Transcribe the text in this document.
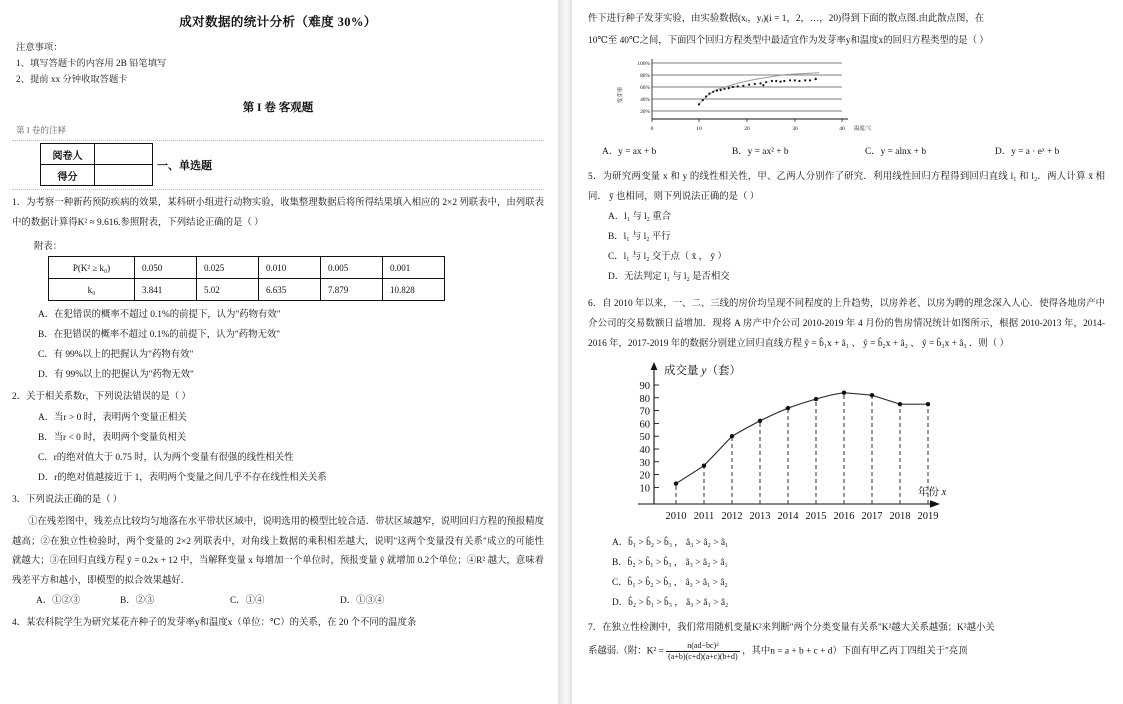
成对数据的统计分析（难度 30%）
注意事项：
1、填写答题卡的内容用 2B 铅笔填写
2、提前 xx 分钟收取答题卡
第 I 卷 客观题
第 I 卷的注释
阅卷人	
得分	
一、单选题
1．为考察一种新药预防疾病的效果，某科研小组进行动物实验，收集整理数据后将所得结果填入相应的 2×2 列联表中，由列联表中的数据计算得K² ≈ 9.616.参照附表，下列结论正确的是（ ）
附表：
P(K² ≥ k₀)	0.050	0.025	0.010	0.005	0.001
k₀	3.841	5.02	6.635	7.879	10.828
A．在犯错误的概率不超过 0.1%的前提下，认为"药物有效"
B．在犯错误的概率不超过 0.1%的前提下，认为"药物无效"
C．有 99%以上的把握认为"药物有效"
D．有 99%以上的把握认为"药物无效"
2．关于相关系数r，下列说法错误的是（ ）
A．当r > 0 时，表明两个变量正相关
B．当r < 0 时，表明两个变量负相关
C．r的绝对值大于 0.75 时，认为两个变量有很强的线性相关性
D．r的绝对值越接近于 1，表明两个变量之间几乎不存在线性相关关系
3．下列说法正确的是（ ）
①在残差图中，残差点比较均匀地落在水平带状区域中，说明选用的模型比较合适．带状区域越窄，说明回归方程的预报精度越高；②在独立性检验时，两个变量的 2×2 列联表中，对角线上数据的乘积相差越大，说明"这两个变量没有关系"成立的可能性就越大；③在回归直线方程 ŷ = 0.2x + 12 中，当解释变量 x 每增加一个单位时，预报变量 ŷ 就增加 0.2个单位；④R² 越大，意味着残差平方和越小，即模型的拟合效果越好．
A．①②③	B．②③	C．①④	D．①③④
4．某农科院学生为研究某花卉种子的发芽率y和温度x（单位：℃）的关系，在 20 个不同的温度条
件下进行种子发芽实验，由实验数据(xᵢ，yᵢ)(i = 1，2，…，20)得到下面的散点图.由此散点图，在
10℃至 40℃之间，下面四个回归方程类型中最适宜作为发芽率y和温度x的回归方程类型的是（ ）
100%
80%
60%
40%
20%
发芽率
0	10	20	30	40 温度/℃
A．y = ax + b	B．y = ax² + b	C．y = alnx + b	D．y = a · eˣ + b
5．为研究两变量 x 和 y 的线性相关性，甲、乙两人分别作了研究．利用线性回归方程得到回归直线 l₁ 和 l₂．两人计算 x̄ 相同． ȳ 也相同，则下列说法正确的是（ ）
A．l₁ 与 l₂ 重合
B．l₁ 与 l₂ 平行
C．l₁ 与 l₂ 交于点（ x̄ ， ȳ ）
D．无法判定 l₁ 与 l₂ 是否相交
6．自 2010 年以来，一、二、三线的房价均呈现不同程度的上升趋势，以房养老、以房为聘的理念深入人心．使得各地房产中介公司的交易数额日益增加．现将 A 房产中介公司 2010-2019 年 4 月份的售房情况统计如图所示，根据 2010-2013 年，2014-2016 年，2017-2019 年的数据分别建立回归直线方程 ŷ = b̂₁x + â₁ 、 ŷ = b̂₂x + â₂ 、 ŷ = b̂₃x + â₃ ．则（ ）
成交量 y（套）
90
80
70
60
50
40
30
20
10
2010 2011 2012 2013 2014 2015 2016 2017 2018 2019
年份 x
A．b̂₁ > b̂₂ > b̂₃ ， â₃ > â₂ > â₁
B．b̂₂ > b̂₁ > b̂₃ ， â₃ > â₂ > â₁
C．b̂₁ > b̂₂ > b̂₃ ， â₃ > â₁ > â₂
D．b̂₂ > b̂₁ > b̂₃ ， â₃ > â₁ > â₂
7．在独立性检测中，我们常用随机变量K²来判断"两个分类变量有关系"K²越大关系越强；K²越小关
系越弱.（附：$K^2 = \frac{\text{n(ad−bc)²}}{(a+b)(c+d)(a+c)(b+d)}$ ，其中n = a + b + c + d）下面有甲乙丙丁四组关于"亮顶
